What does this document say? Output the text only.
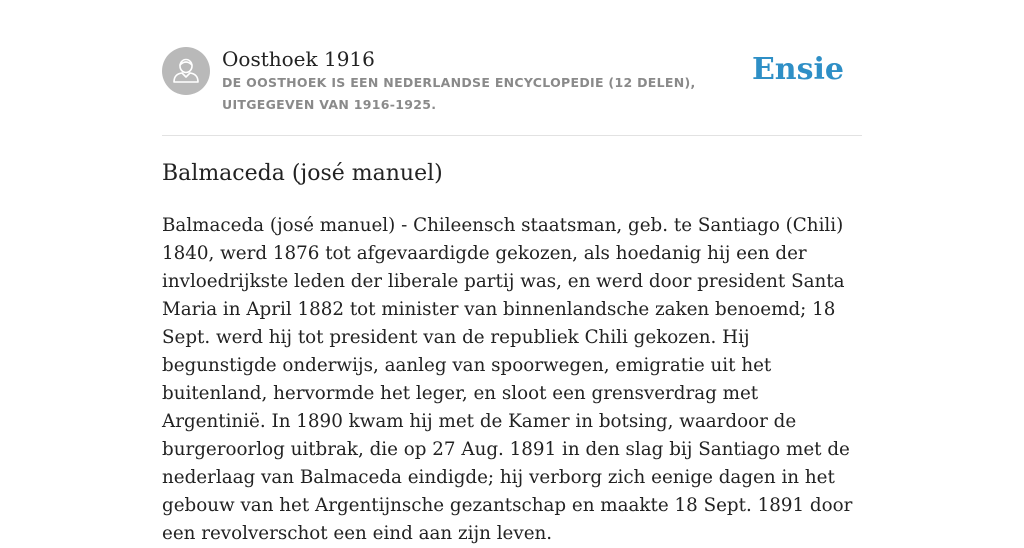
Oosthoek 1916
DE OOSTHOEK IS EEN NEDERLANDSE ENCYCLOPEDIE (12 DELEN), UITGEGEVEN VAN 1916-1925.
Ensie
Balmaceda (josé manuel)

Balmaceda (josé manuel) - Chileensch staatsman, geb. te Santiago (Chili) 1840, werd 1876 tot afgevaardigde gekozen, als hoedanig hij een der invloedrijkste leden der liberale partij was, en werd door president Santa Maria in April 1882 tot minister van binnenlandsche zaken benoemd; 18 Sept. werd hij tot president van de republiek Chili gekozen. Hij begunstigde onderwijs, aanleg van spoorwegen, emigratie uit het buitenland, hervormde het leger, en sloot een grensverdrag met Argentinië. In 1890 kwam hij met de Kamer in botsing, waardoor de burgeroorlog uitbrak, die op 27 Aug. 1891 in den slag bij Santiago met de nederlaag van Balmaceda eindigde; hij verborg zich eenige dagen in het gebouw van het Argentijnsche gezantschap en maakte 18 Sept. 1891 door een revolverschot een eind aan zijn leven.
